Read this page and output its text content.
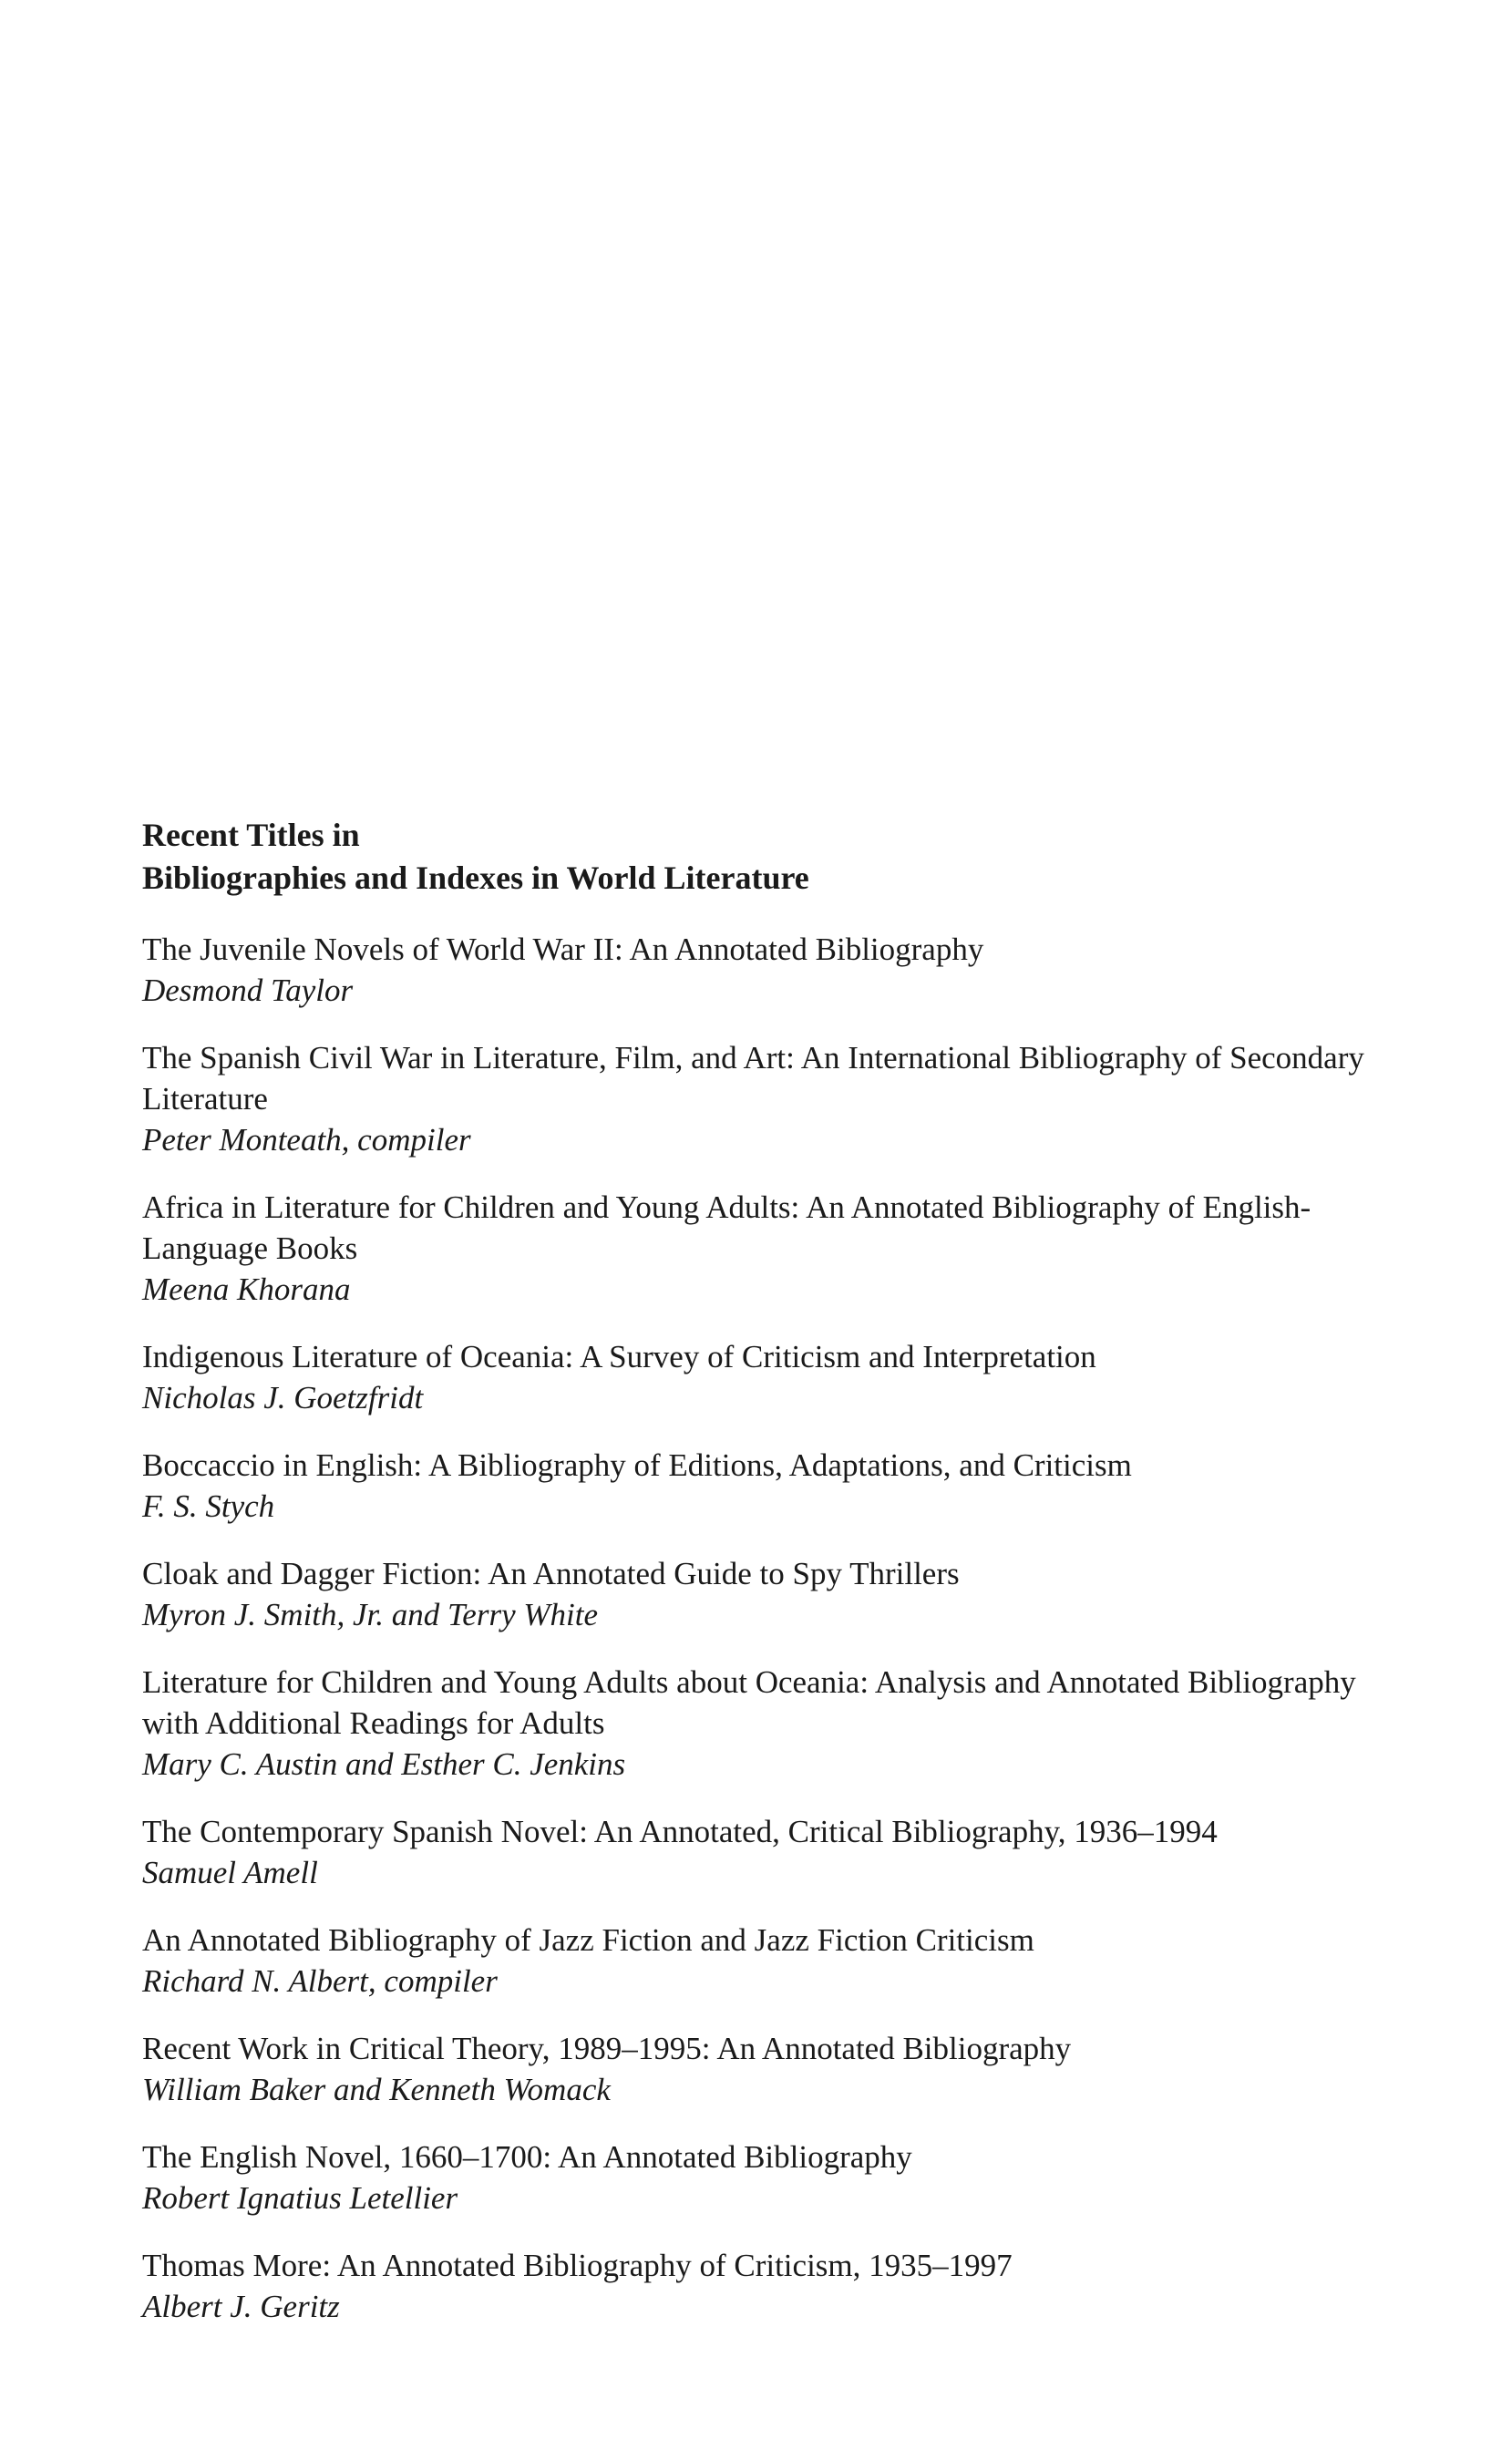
Recent Titles in
Bibliographies and Indexes in World Literature
The Juvenile Novels of World War II: An Annotated Bibliography
Desmond Taylor
The Spanish Civil War in Literature, Film, and Art: An International Bibliography of Secondary Literature
Peter Monteath, compiler
Africa in Literature for Children and Young Adults: An Annotated Bibliography of English-Language Books
Meena Khorana
Indigenous Literature of Oceania: A Survey of Criticism and Interpretation
Nicholas J. Goetzfridt
Boccaccio in English: A Bibliography of Editions, Adaptations, and Criticism
F. S. Stych
Cloak and Dagger Fiction: An Annotated Guide to Spy Thrillers
Myron J. Smith, Jr. and Terry White
Literature for Children and Young Adults about Oceania: Analysis and Annotated Bibliography with Additional Readings for Adults
Mary C. Austin and Esther C. Jenkins
The Contemporary Spanish Novel: An Annotated, Critical Bibliography, 1936–1994
Samuel Amell
An Annotated Bibliography of Jazz Fiction and Jazz Fiction Criticism
Richard N. Albert, compiler
Recent Work in Critical Theory, 1989–1995: An Annotated Bibliography
William Baker and Kenneth Womack
The English Novel, 1660–1700: An Annotated Bibliography
Robert Ignatius Letellier
Thomas More: An Annotated Bibliography of Criticism, 1935–1997
Albert J. Geritz
